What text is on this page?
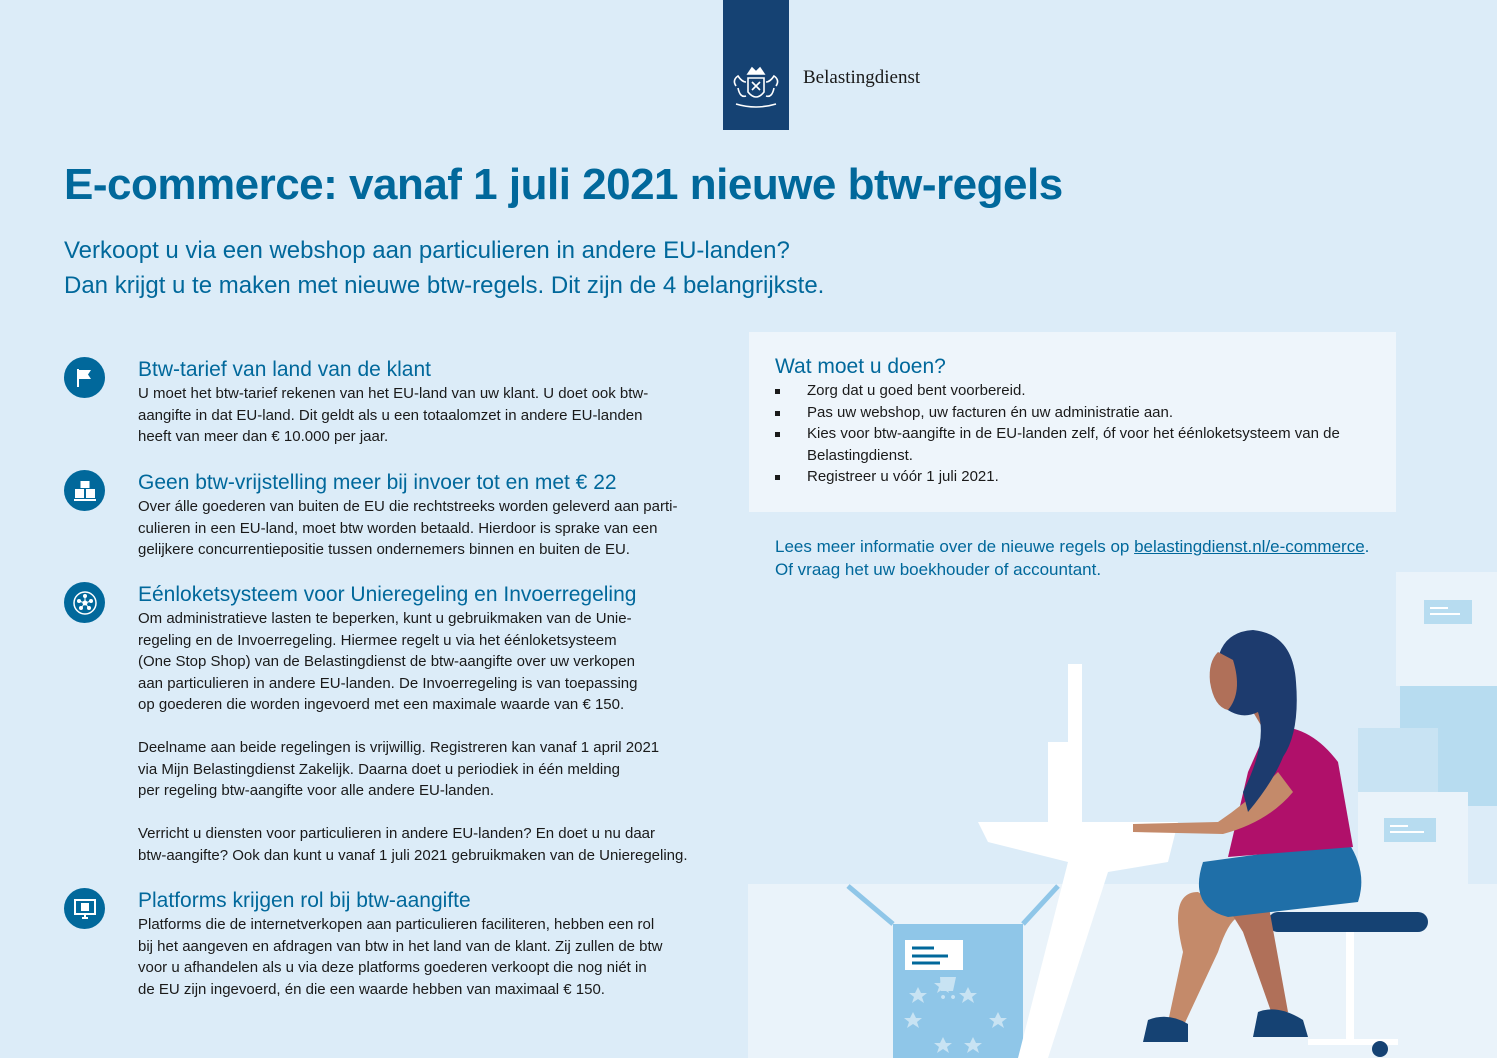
Belastingdienst
E-commerce: vanaf 1 juli 2021 nieuwe btw-regels
Verkoopt u via een webshop aan particulieren in andere EU-landen?
Dan krijgt u te maken met nieuwe btw-regels. Dit zijn de 4 belangrijkste.
Btw-tarief van land van de klant
U moet het btw-tarief rekenen van het EU-land van uw klant. U doet ook btw-
aangifte in dat EU-land. Dit geldt als u een totaalomzet in andere EU-landen
heeft van meer dan € 10.000 per jaar.
Geen btw-vrijstelling meer bij invoer tot en met € 22
Over álle goederen van buiten de EU die rechtstreeks worden geleverd aan parti-
culieren in een EU-land, moet btw worden betaald. Hierdoor is sprake van een
gelijkere concurrentiepositie tussen ondernemers binnen en buiten de EU.
Eénloketsysteem voor Unieregeling en Invoerregeling
Om administratieve lasten te beperken, kunt u gebruikmaken van de Unie-
regeling en de Invoerregeling. Hiermee regelt u via het éénloketsysteem
(One Stop Shop) van de Belastingdienst de btw-aangifte over uw verkopen
aan particulieren in andere EU-landen. De Invoerregeling is van toepassing
op goederen die worden ingevoerd met een maximale waarde van € 150.

Deelname aan beide regelingen is vrijwillig. Registreren kan vanaf 1 april 2021
via Mijn Belastingdienst Zakelijk. Daarna doet u periodiek in één melding
per regeling btw-aangifte voor alle andere EU-landen.

Verricht u diensten voor particulieren in andere EU-landen? En doet u nu daar
btw-aangifte? Ook dan kunt u vanaf 1 juli 2021 gebruikmaken van de Unieregeling.
Platforms krijgen rol bij btw-aangifte
Platforms die de internetverkopen aan particulieren faciliteren, hebben een rol
bij het aangeven en afdragen van btw in het land van de klant. Zij zullen de btw
voor u afhandelen als u via deze platforms goederen verkoopt die nog niét in
de EU zijn ingevoerd, én die een waarde hebben van maximaal € 150.
Wat moet u doen?
Zorg dat u goed bent voorbereid.
Pas uw webshop, uw facturen én uw administratie aan.
Kies voor btw-aangifte in de EU-landen zelf, óf voor het éénloketsysteem van de Belastingdienst.
Registreer u vóór 1 juli 2021.
Lees meer informatie over de nieuwe regels op belastingdienst.nl/e-commerce.
Of vraag het uw boekhouder of accountant.
